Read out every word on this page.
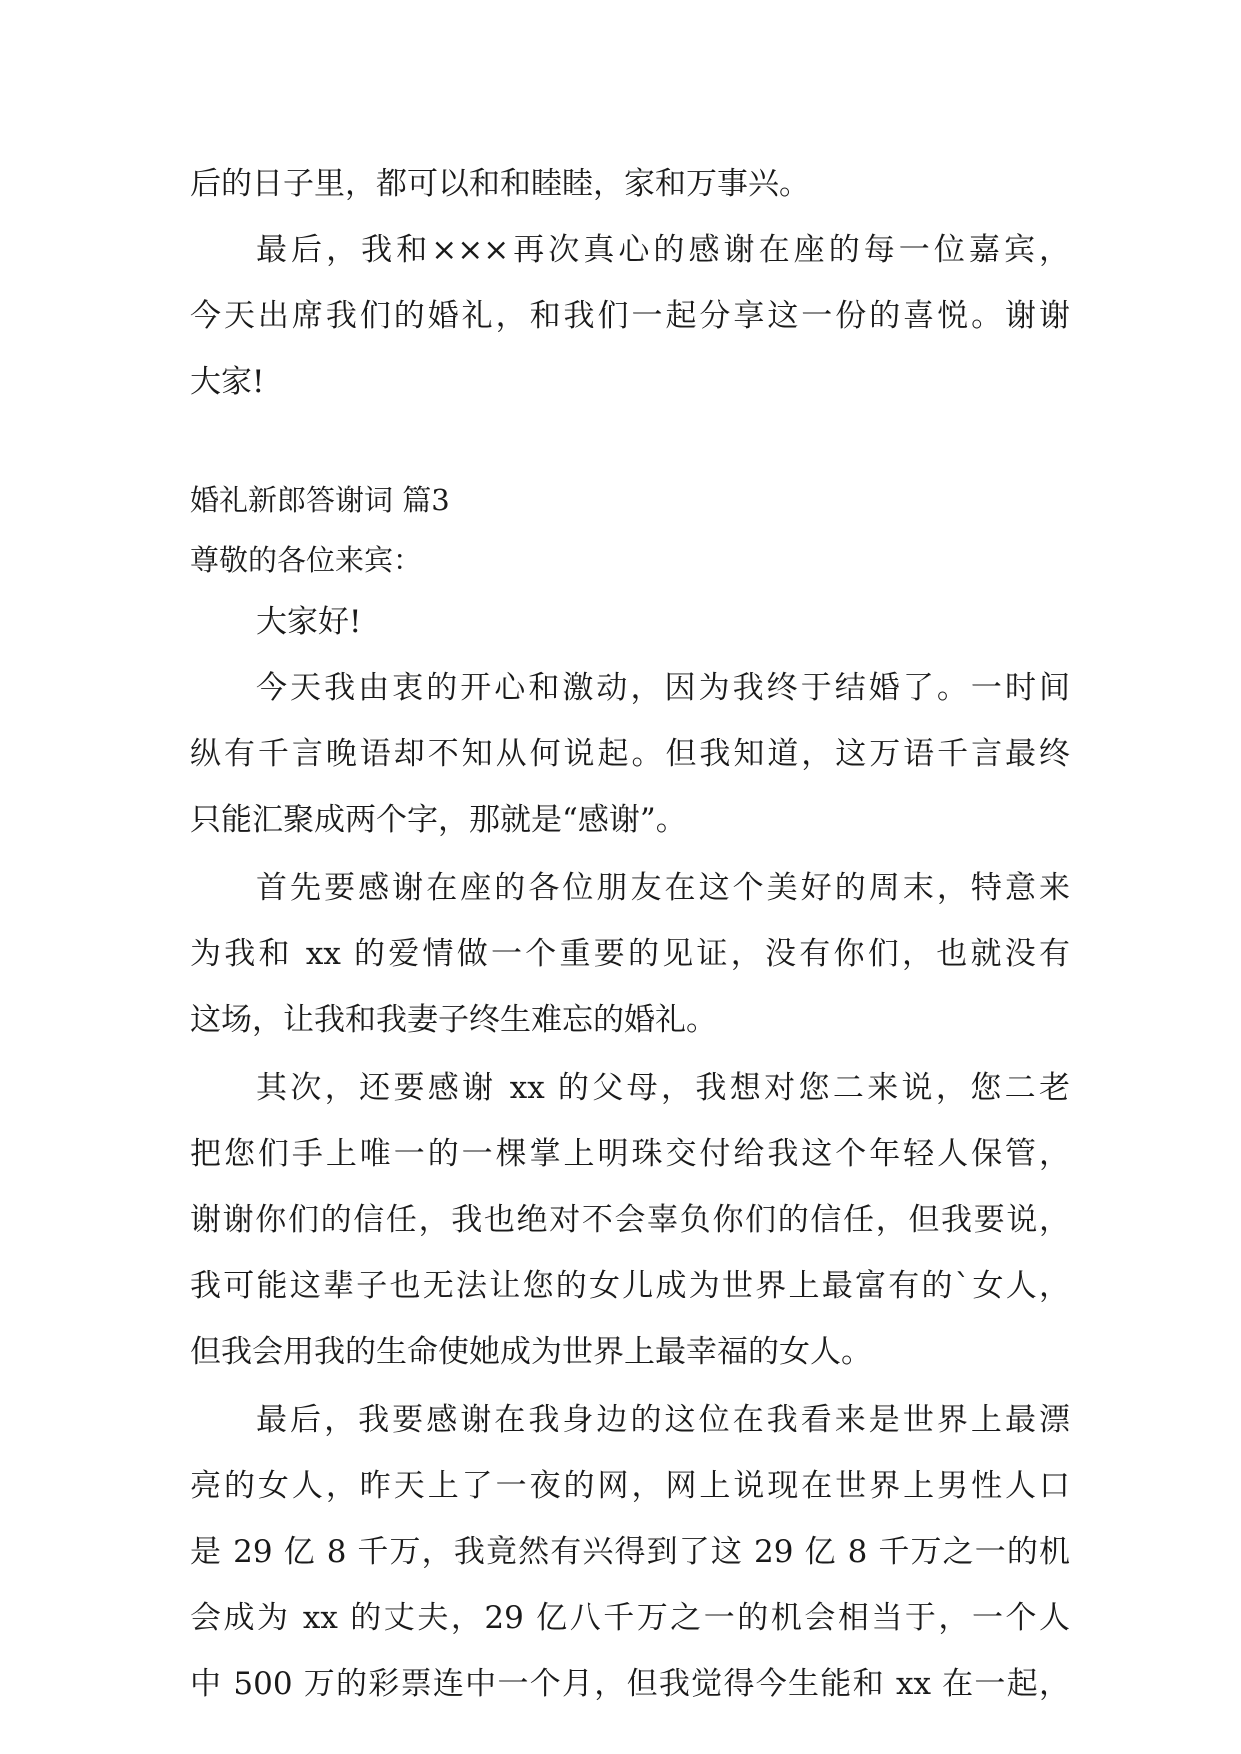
后的日子里，都可以和和睦睦，家和万事兴。
最后，我和×××再次真心的感谢在座的每一位嘉宾，
今天出席我们的婚礼，和我们一起分享这一份的喜悦。谢谢
大家!
婚礼新郎答谢词 篇3
尊敬的各位来宾：
大家好!
今天我由衷的开心和激动，因为我终于结婚了。一时间
纵有千言晚语却不知从何说起。但我知道，这万语千言最终
只能汇聚成两个字，那就是“感谢”。
首先要感谢在座的各位朋友在这个美好的周末，特意来
为我和 xx 的爱情做一个重要的见证，没有你们，也就没有
这场，让我和我妻子终生难忘的婚礼。
其次，还要感谢 xx 的父母，我想对您二来说，您二老
把您们手上唯一的一棵掌上明珠交付给我这个年轻人保管，
谢谢你们的信任，我也绝对不会辜负你们的信任，但我要说，
我可能这辈子也无法让您的女儿成为世界上最富有的`女人，
但我会用我的生命使她成为世界上最幸福的女人。
最后，我要感谢在我身边的这位在我看来是世界上最漂
亮的女人，昨天上了一夜的网，网上说现在世界上男性人口
是 29 亿 8 千万，我竟然有兴得到了这 29 亿 8 千万之一的机
会成为 xx 的丈夫，29 亿八千万之一的机会相当于，一个人
中 500 万的彩票连中一个月，但我觉得今生能和 xx 在一起，
